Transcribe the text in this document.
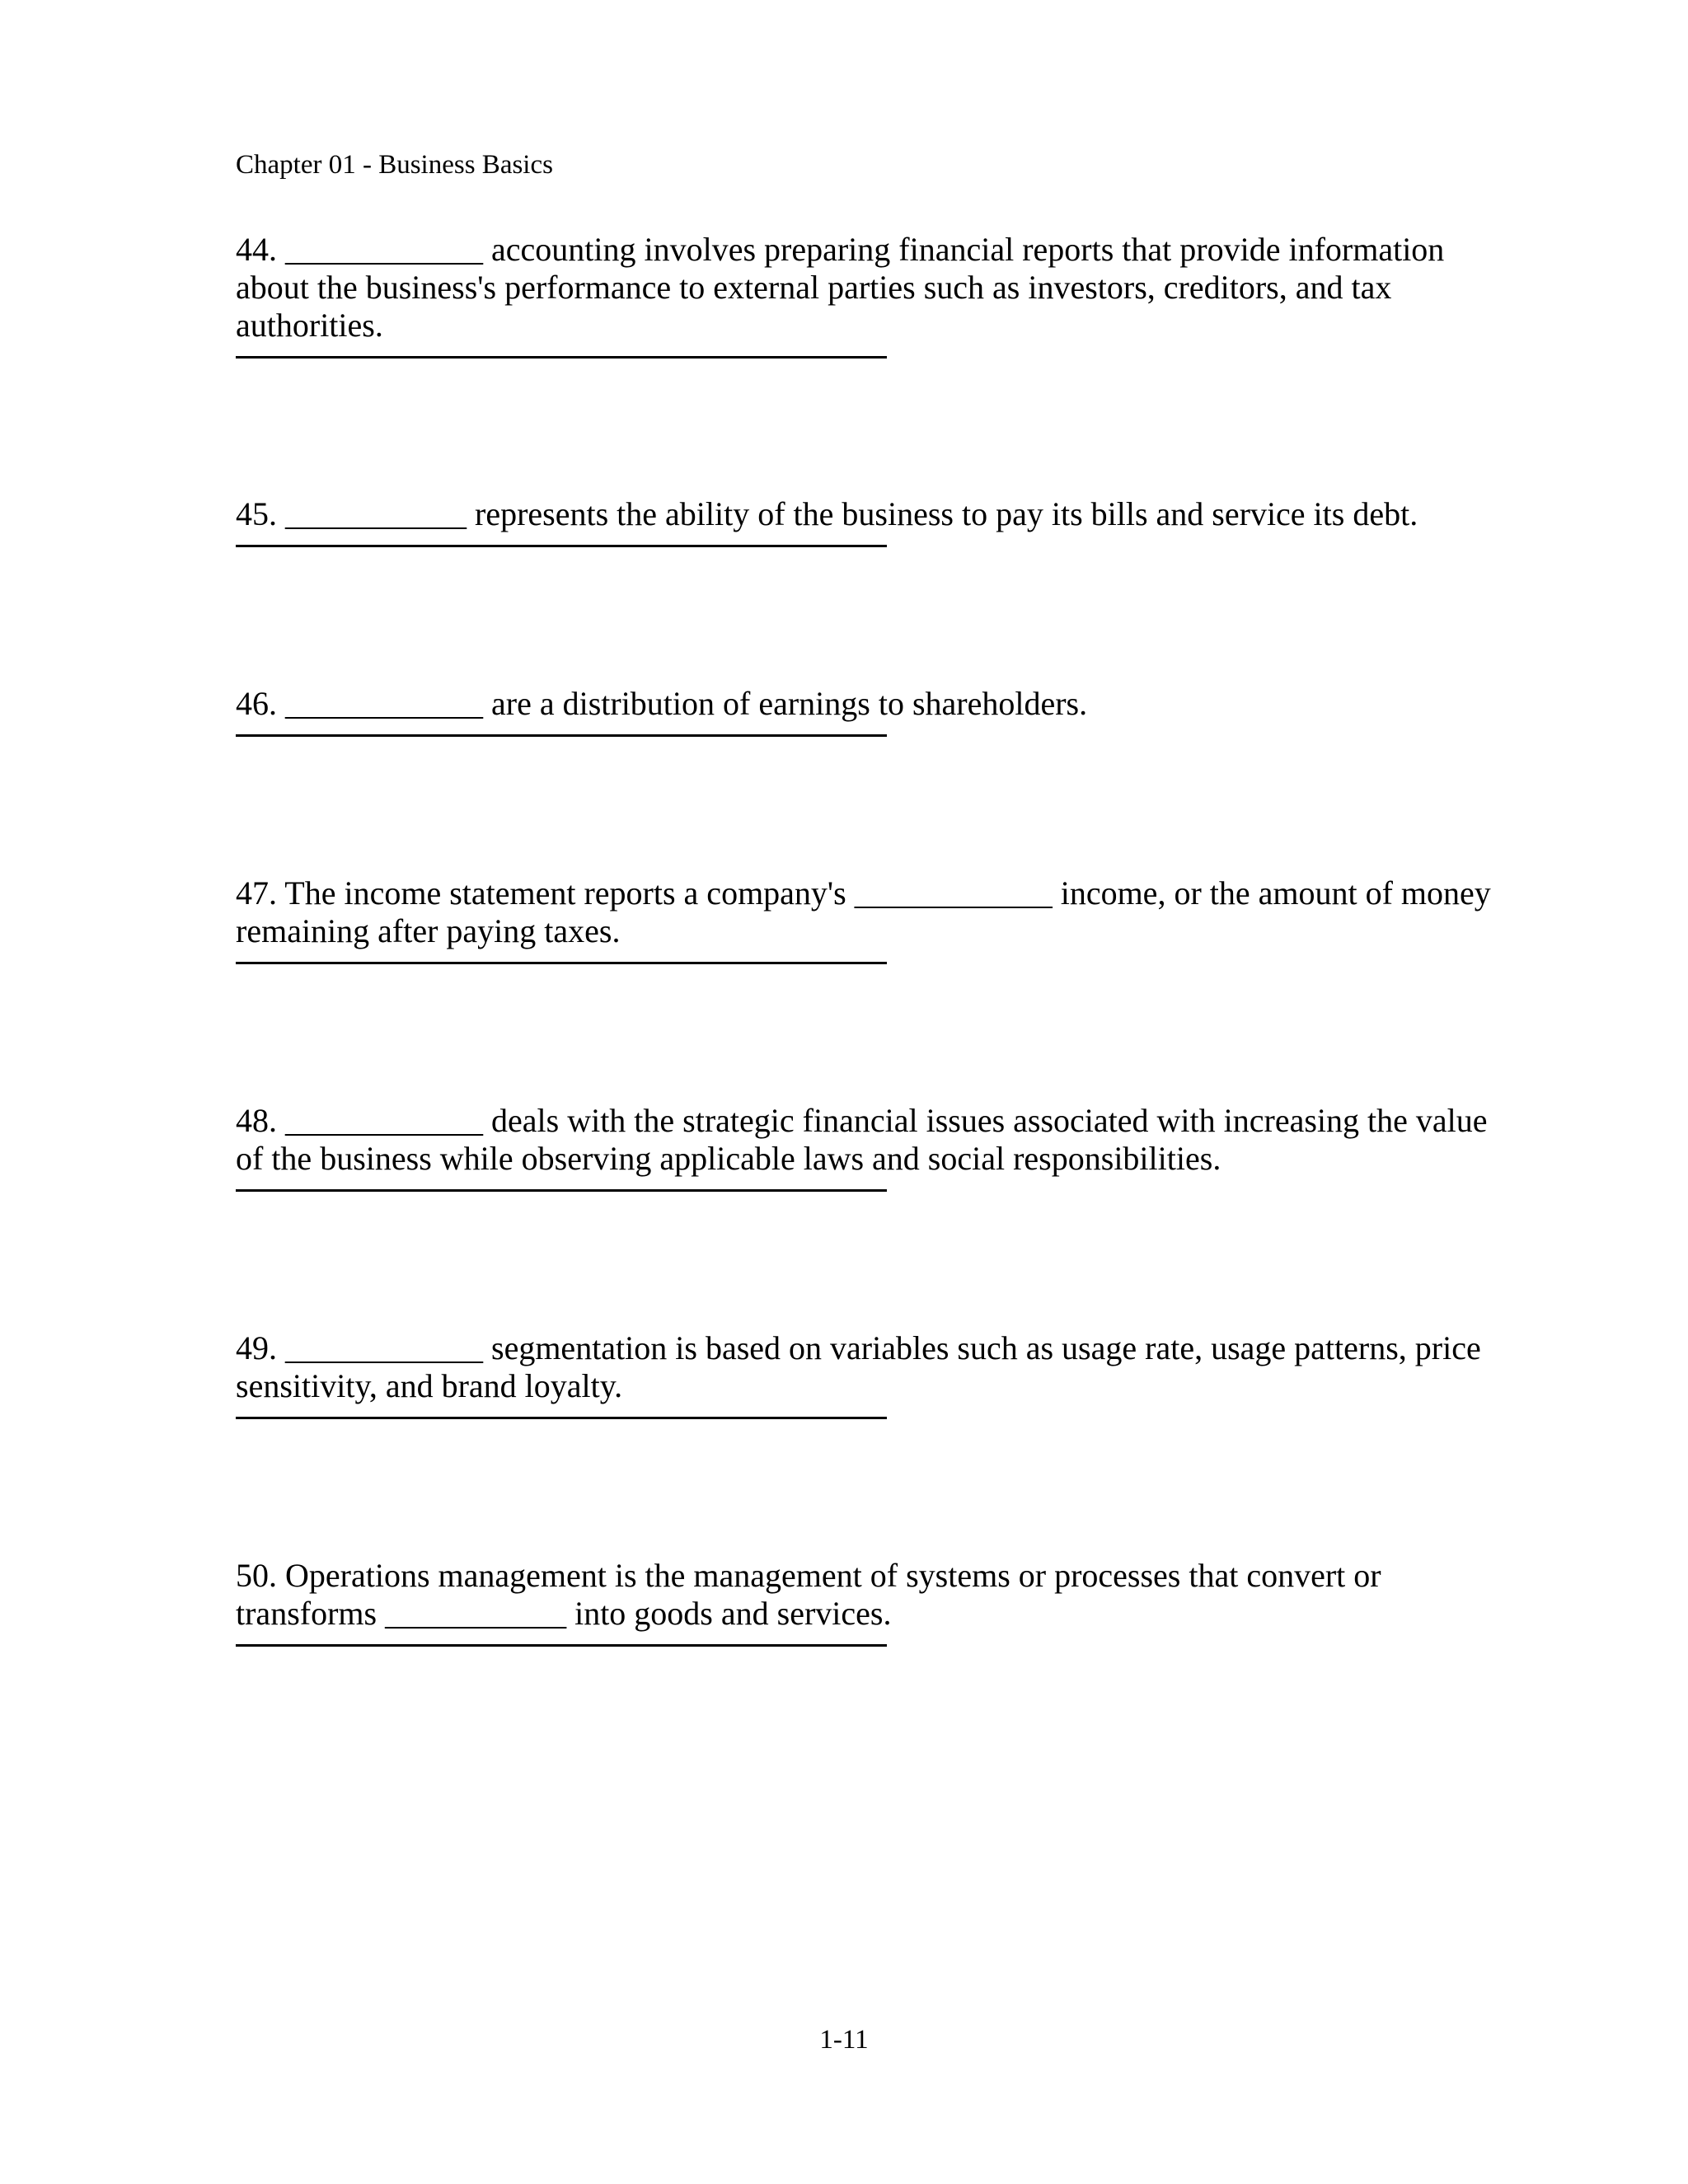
Chapter 01 - Business Basics

44. ____________ accounting involves preparing financial reports that provide information about the business's performance to external parties such as investors, creditors, and tax authorities.

45. ___________ represents the ability of the business to pay its bills and service its debt.

46. ____________ are a distribution of earnings to shareholders.

47. The income statement reports a company's ____________ income, or the amount of money remaining after paying taxes.

48. ____________ deals with the strategic financial issues associated with increasing the value of the business while observing applicable laws and social responsibilities.

49. ____________ segmentation is based on variables such as usage rate, usage patterns, price sensitivity, and brand loyalty.

50. Operations management is the management of systems or processes that convert or transforms ___________ into goods and services.

1-11
